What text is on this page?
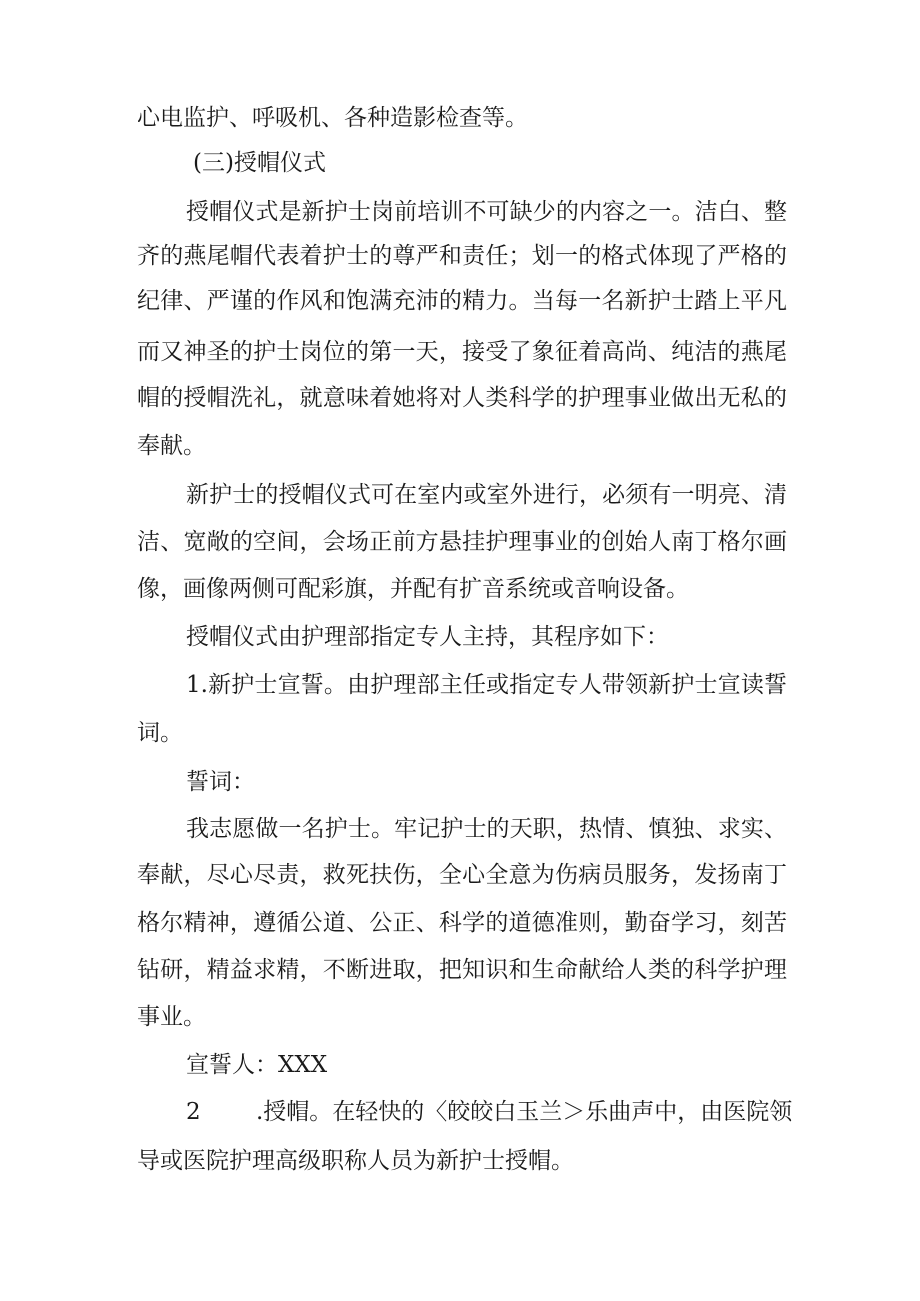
心电监护、呼吸机、各种造影检查等。

(三)授帽仪式

授帽仪式是新护士岗前培训不可缺少的内容之一。洁白、整

齐的燕尾帽代表着护士的尊严和责任；划一的格式体现了严格的

纪律、严谨的作风和饱满充沛的精力。当每一名新护士踏上平凡

而又神圣的护士岗位的第一天，接受了象征着高尚、纯洁的燕尾

帽的授帽洗礼，就意味着她将对人类科学的护理事业做出无私的

奉献。

新护士的授帽仪式可在室内或室外进行，必须有一明亮、清

洁、宽敞的空间，会场正前方悬挂护理事业的创始人南丁格尔画

像，画像两侧可配彩旗，并配有扩音系统或音响设备。

授帽仪式由护理部指定专人主持，其程序如下：

1.新护士宣誓。由护理部主任或指定专人带领新护士宣读誓

词。

誓词：

我志愿做一名护士。牢记护士的天职，热情、慎独、求实、

奉献，尽心尽责，救死扶伤，全心全意为伤病员服务，发扬南丁

格尔精神，遵循公道、公正、科学的道德准则，勤奋学习，刻苦

钻研，精益求精，不断进取，把知识和生命献给人类的科学护理

事业。

宣誓人：XXX

2 .授帽。在轻快的〈皎皎白玉兰＞乐曲声中，由医院领

导或医院护理高级职称人员为新护士授帽。
